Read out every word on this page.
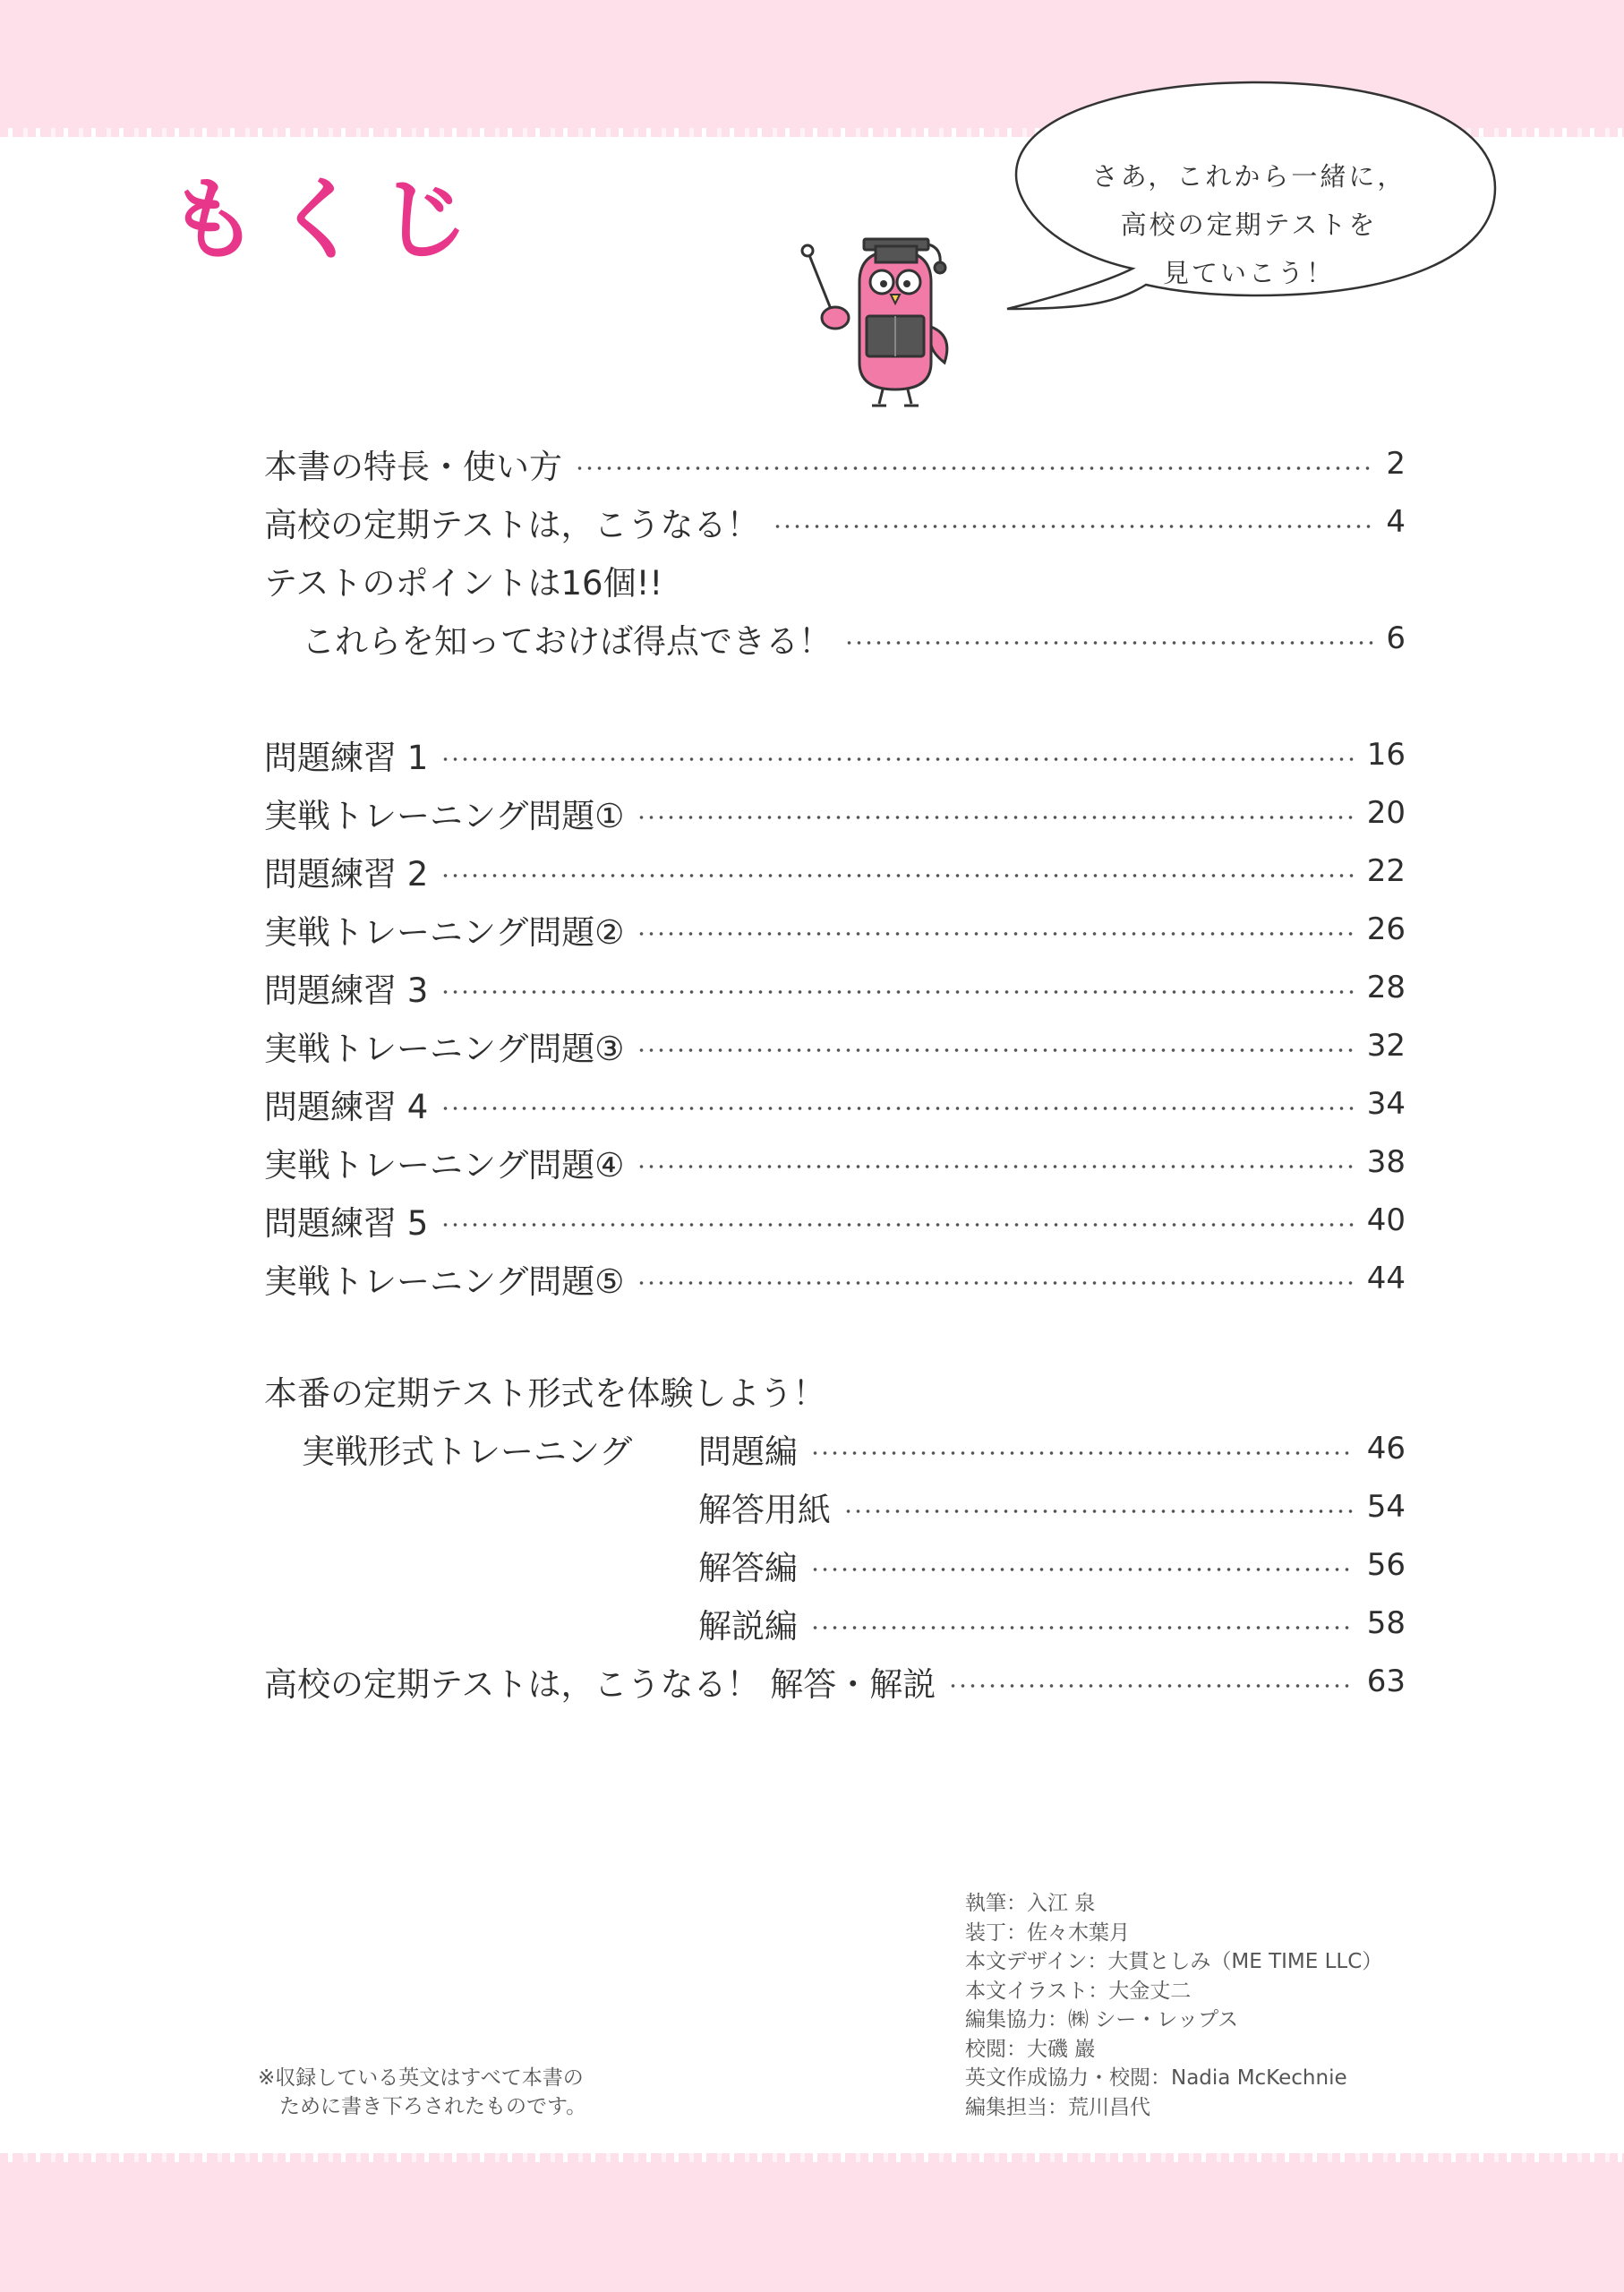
もくじ	さあ，これから一緒に，
高校の定期テストを
見ていこう！
本書の特長・使い方	2
高校の定期テストは，こうなる！	4
テストのポイントは16個!!
これらを知っておけば得点できる！	6
問題練習 1	16
実戦トレーニング問題①	20
問題練習 2	22
実戦トレーニング問題②	26
問題練習 3	28
実戦トレーニング問題③	32
問題練習 4	34
実戦トレーニング問題④	38
問題練習 5	40
実戦トレーニング問題⑤	44
本番の定期テスト形式を体験しよう！
実戦形式トレーニング	問題編	46
解答用紙	54
解答編	56
解説編	58
高校の定期テストは，こうなる！ 解答・解説	63
執筆：入江 泉
装丁：佐々木葉月
本文デザイン：大貫としみ（ME TIME LLC）
本文イラスト：大金丈二
編集協力：㈱ シー・レップス
校閲：大磯 巖
英文作成協力・校閲：Nadia McKechnie
編集担当：荒川昌代
※収録している英文はすべて本書の
ために書き下ろされたものです。
